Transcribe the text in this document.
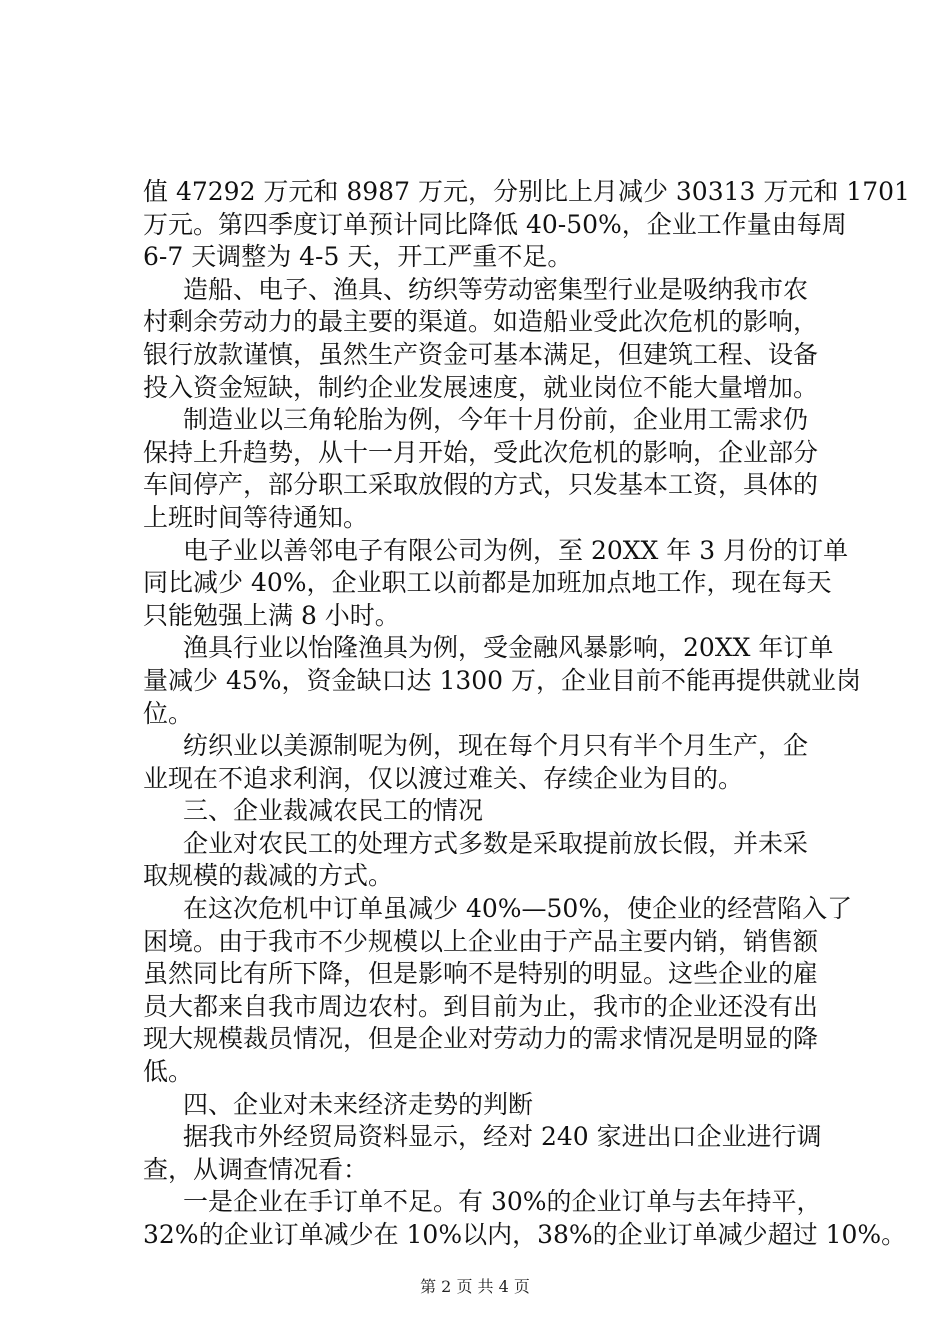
值 47292 万元和 8987 万元，分别比上月减少 30313 万元和 1701
万元。第四季度订单预计同比降低 40-50%，企业工作量由每周
6-7 天调整为 4-5 天，开工严重不足。
造船、电子、渔具、纺织等劳动密集型行业是吸纳我市农
村剩余劳动力的最主要的渠道。如造船业受此次危机的影响，
银行放款谨慎，虽然生产资金可基本满足，但建筑工程、设备
投入资金短缺，制约企业发展速度，就业岗位不能大量增加。
制造业以三角轮胎为例，今年十月份前，企业用工需求仍
保持上升趋势，从十一月开始，受此次危机的影响，企业部分
车间停产，部分职工采取放假的方式，只发基本工资，具体的
上班时间等待通知。
电子业以善邻电子有限公司为例，至 20XX 年 3 月份的订单
同比减少 40%，企业职工以前都是加班加点地工作，现在每天
只能勉强上满 8 小时。
渔具行业以怡隆渔具为例，受金融风暴影响，20XX 年订单
量减少 45%，资金缺口达 1300 万，企业目前不能再提供就业岗
位。
纺织业以美源制呢为例，现在每个月只有半个月生产，企
业现在不追求利润，仅以渡过难关、存续企业为目的。
三、企业裁减农民工的情况
企业对农民工的处理方式多数是采取提前放长假，并未采
取规模的裁减的方式。
在这次危机中订单虽减少 40%—50%，使企业的经营陷入了
困境。由于我市不少规模以上企业由于产品主要内销，销售额
虽然同比有所下降，但是影响不是特别的明显。这些企业的雇
员大都来自我市周边农村。到目前为止，我市的企业还没有出
现大规模裁员情况，但是企业对劳动力的需求情况是明显的降
低。
四、企业对未来经济走势的判断
据我市外经贸局资料显示，经对 240 家进出口企业进行调
查，从调查情况看：
一是企业在手订单不足。有 30%的企业订单与去年持平，
32%的企业订单减少在 10%以内，38%的企业订单减少超过 10%。
第 2 页 共 4 页
